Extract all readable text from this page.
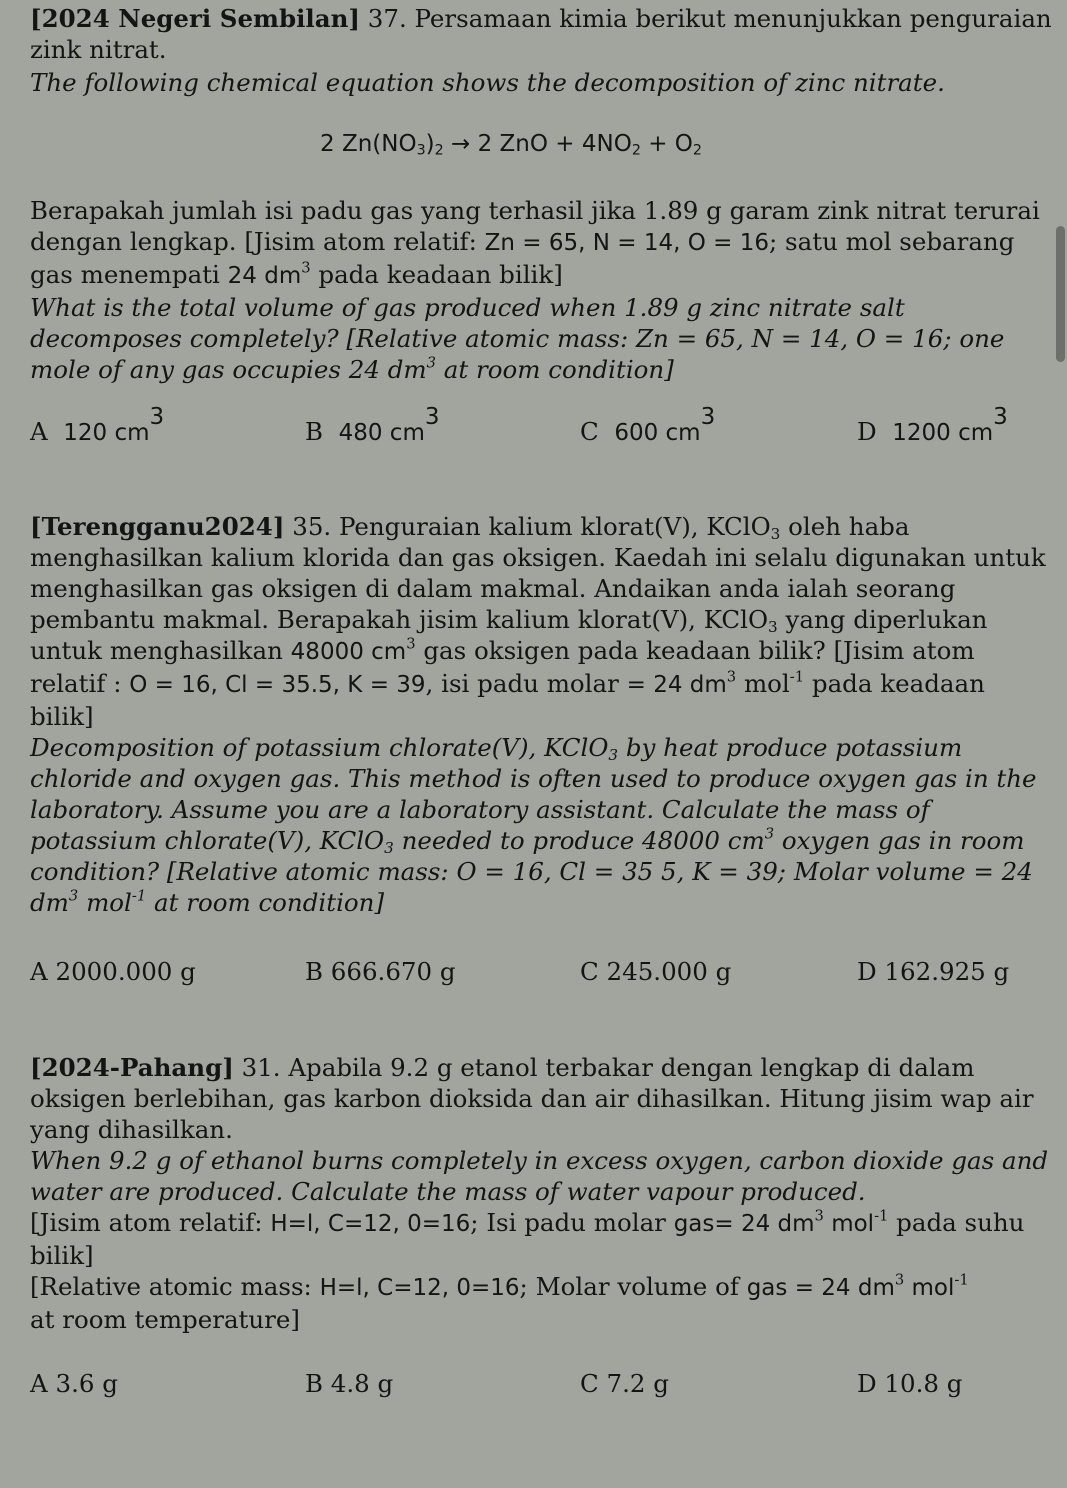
[2024 Negeri Sembilan] 37. Persamaan kimia berikut menunjukkan penguraian zink nitrat.

The following chemical equation shows the decomposition of zinc nitrate.

2 $Zn(NO_3)_2 \to 2$ ZnO + $4NO_2 + O_2$

Berapakah jumlah isi padu gas yang terhasil jika 1.89 g garam zink nitrat terurai dengan lengkap. [Jisim atom relatif: Zn = 65, N = 14, O = 16; satu mol sebarang gas menempati 24 $dm^3$ pada keadaan bilik]

What is the total volume of gas produced when 1.89 g zinc nitrate salt decomposes completely? [Relative atomic mass: Zn = 65, N = 14, O = 16; one mole of any gas occupies 24 $dm^3$ at room condition]

A 120 $cm^3$
B 480 $cm^3$
C 600 $cm^3$
D 1200 $cm^3$

[Terengganu2024] 35. Penguraian kalium klorat(V), KClO$_3$ oleh haba menghasilkan kalium klorida dan gas oksigen. Kaedah ini selalu digunakan untuk menghasilkan gas oksigen di dalam makmal. Andaikan anda ialah seorang pembantu makmal. Berapakah jisim kalium klorat(V), KClO$_3$ yang diperlukan untuk menghasilkan 48000 $cm^3$ gas oksigen pada keadaan bilik? [Jisim atom relatif : O = 16, Cl = 35.5, K = 39, isi padu molar = 24 $dm^3$ mol$^{-1}$ pada keadaan bilik]

Decomposition of potassium chlorate(V), KClO$_3$ by heat produce potassium chloride and oxygen gas. This method is often used to produce oxygen gas in the laboratory. Assume you are a laboratory assistant. Calculate the mass of potassium chlorate(V), KClO$_3$ needed to produce 48000 $cm^3$ oxygen gas in room condition? [Relative atomic mass: O = 16, Cl = 35 5, K = 39; Molar volume = 24 $dm^3$ mol$^{-1}$ at room condition]

A 2000.000 g	B 666.670 g	C 245.000 g	D 162.925 g

[2024-Pahang] 31. Apabila 9.2 g etanol terbakar dengan lengkap di dalam oksigen berlebihan, gas karbon dioksida dan air dihasilkan. Hitung jisim wap air yang dihasilkan.

When 9.2 g of ethanol burns completely in excess oxygen, carbon dioxide gas and water are produced. Calculate the mass of water vapour produced.

[Jisim atom relatif: H=l, C=12, 0=16; Isi padu molar gas= 24 $dm^3$ mol$^{-1}$ pada suhu bilik]

[Relative atomic mass: H=l, C=12, 0=16; Molar volume of gas = 24 $dm^3$ mol$^{-1}$
at room temperature]

A 3.6 g	B 4.8 g	C 7.2 g	D 10.8 g
